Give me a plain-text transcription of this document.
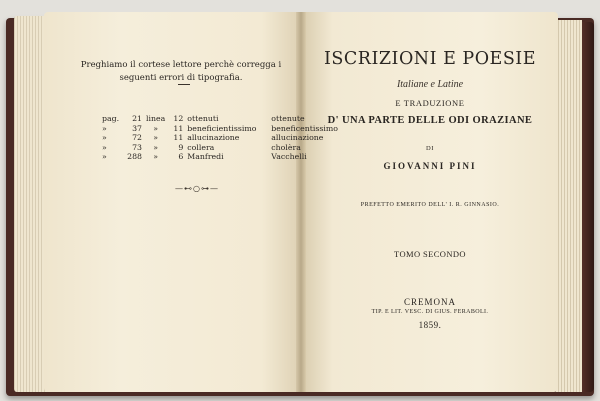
Preghiamo il cortese lettore perchè corregga i seguenti errori di tipografia.
pag.	21	linea	12	ottenuti	ottenute
»	37	»	11	beneficientissimo	beneficentissimo
»	72	»	11	allucinazione	allucinazione
»	73	»	9	collera	cholèra
»	288	»	6	Manfredi	Vacchelli
—⊷○⊶—
ISCRIZIONI E POESIE
Italiane e Latine
E TRADUZIONE
D' UNA PARTE DELLE ODI ORAZIANE
DI
GIOVANNI PINI
PREFETTO EMERITO DELL' I. R. GINNASIO.
TOMO SECONDO
CREMONA
TIP. E LIT. VESC. DI GIUS. FERABOLI.
1859.
